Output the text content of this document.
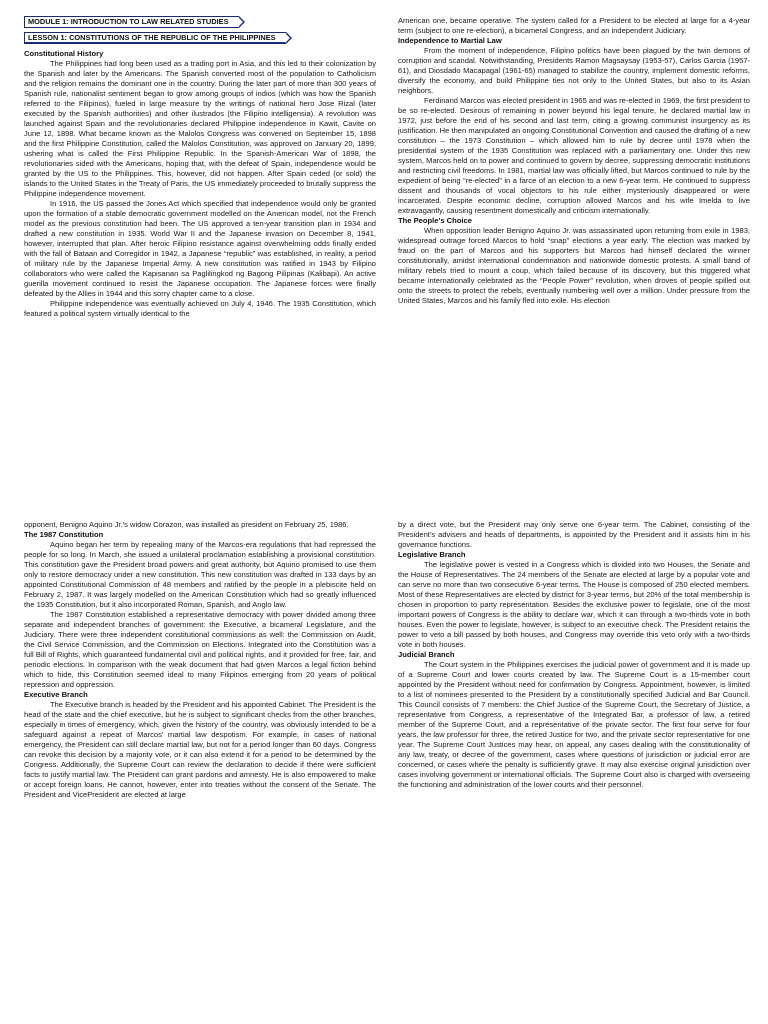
MODULE 1: INTRODUCTION TO LAW RELATED STUDIES
LESSON 1: CONSTITUTIONS OF THE REPUBLIC OF THE PHILIPPINES
Constitutional History

The Philippines had long been used as a trading port in Asia, and this led to their colonization by the Spanish and later by the Americans. The Spanish converted most of the population to Catholicism and the religion remains the dominant one in the country. During the later part of more than 300 years of Spanish rule, nationalist sentiment began to grow among groups of indios (which was how the Spanish referred to the Filipinos), fueled in large measure by the writings of national hero Jose Rizal (later executed by the Spanish authorities) and other ilustrados (the Filipino intelligensia). A revolution was launched against Spain and the revolutionaries declared Philippine independence in Kawit, Cavite on June 12, 1898. What became known as the Malolos Congress was convened on September 15, 1898 and the first Philippine Constitution, called the Malolos Constitution, was approved on January 20, 1899, ushering what is called the First Philippine Republic. In the Spanish-American War of 1898, the revolutionaries sided with the Americans, hoping that, with the defeat of Spain, independence would be granted by the US to the Philippines. This, however, did not happen. After Spain ceded (or sold) the islands to the United States in the Treaty of Paris, the US immediately proceeded to brutally suppress the Philippine independence movement.

In 1916, the US passed the Jones Act which specified that independence would only be granted upon the formation of a stable democratic government modelled on the American model, not the French model as the previous constitution had been. The US approved a ten-year transition plan in 1934 and drafted a new constitution in 1935. World War II and the Japanese invasion on December 8, 1941, however, interrupted that plan. After heroic Filipino resistance against overwhelming odds finally ended with the fall of Bataan and Corregidor in 1942, a Japanese “republic” was established, in reality, a period of military rule by the Japanese Imperial Army. A new constitution was ratified in 1943 by Filipino collaborators who were called the Kapisanan sa Paglilingkod ng Bagong Pilipinas (Kalibapi). An active guerilla movement continued to resist the Japanese occupation. The Japanese forces were finally defeated by the Allies in 1944 and this sorry chapter came to a close.

Philippine independence was eventually achieved on July 4, 1946. The 1935 Constitution, which featured a political system virtually identical to the

American one, became operative. The system called for a President to be elected at large for a 4-year term (subject to one re-election), a bicameral Congress, and an independent Judiciary.

Independence to Martial Law

From the moment of independence, Filipino politics have been plagued by the twin demons of corruption and scandal. Notwithstanding, Presidents Ramon Magsaysay (1953-57), Carlos Garcia (1957-61), and Diosdado Macapagal (1961-65) managed to stabilize the country, implement domestic reforms, diversify the economy, and build Philippine ties not only to the United States, but also to its Asian neighbors.

Ferdinand Marcos was elected president in 1965 and was re-elected in 1969, the first president to be so re-elected. Desirous of remaining in power beyond his legal tenure, he declared martial law in 1972, just before the end of his second and last term, citing a growing communist insurgency as its justification. He then manipulated an ongoing Constitutional Convention and caused the drafting of a new constitution – the 1973 Constitution – which allowed him to rule by decree until 1978 when the presidential system of the 1935 Constitution was replaced with a parliamentary one. Under this new system, Marcos held on to power and continued to govern by decree, suppressing democratic institutions and restricting civil freedoms. In 1981, martial law was officially lifted, but Marcos continued to rule by the expedient of being “re-elected” in a farce of an election to a new 6-year term. He continued to suppress dissent and thousands of vocal objectors to his rule either mysteriously disappeared or were incarcerated. Despite economic decline, corruption allowed Marcos and his wife Imelda to live extravagantly, causing resentment domestically and criticism internationally.

The People’s Choice

When opposition leader Benigno Aquino Jr. was assassinated upon returning from exile in 1983, widespread outrage forced Marcos to hold “snap” elections a year early. The election was marked by fraud on the part of Marcos and his supporters but Marcos had himself declared the winner constitutionally, amidst international condemnation and nationwide domestic protests. A small band of military rebels tried to mount a coup, which failed because of its discovery, but this triggered what became internationally celebrated as the “People Power” revolution, when droves of people spilled out onto the streets to protect the rebels, eventually numbering well over a million. Under pressure from the United States, Marcos and his family fled into exile. His election

opponent, Benigno Aquino Jr.’s widow Corazon, was installed as president on February 25, 1986.

The 1987 Constitution

Aquino began her term by repealing many of the Marcos-era regulations that had repressed the people for so long. In March, she issued a unilateral proclamation establishing a provisional constitution. This constitution gave the President broad powers and great authority, but Aquino promised to use them only to restore democracy under a new constitution. This new constitution was drafted in 133 days by an appointed Constitutional Commission of 48 members and ratified by the people in a plebiscite held on February 2, 1987. It was largely modelled on the American Constitution which had so greatly influenced the 1935 Constitution, but it also incorporated Roman, Spanish, and Anglo law.

The 1987 Constitution established a representative democracy with power divided among three separate and independent branches of government: the Executive, a bicameral Legislature, and the Judiciary. There were three independent constitutional commissions as well: the Commission on Audit, the Civil Service Commission, and the Commission on Elections. Integrated into the Constitution was a full Bill of Rights, which guaranteed fundamental civil and political rights, and it provided for free, fair, and periodic elections. In comparison with the weak document that had given Marcos a legal fiction behind which to hide, this Constitution seemed ideal to many Filipinos emerging from 20 years of political repression and oppression.

Executive Branch

The Executive branch is headed by the President and his appointed Cabinet. The President is the head of the state and the chief executive, but he is subject to significant checks from the other branches, especially in times of emergency, which, given the history of the country, was obviously intended to be a safeguard against a repeat of Marcos’ martial law despotism. For example, in cases of national emergency, the President can still declare martial law, but not for a period longer than 60 days. Congress can revoke this decision by a majority vote, or it can also extend it for a period to be determined by the Congress. Additionally, the Supreme Court can review the declaration to decide if there were sufficient facts to justify martial law. The President can grant pardons and amnesty. He is also empowered to make or accept foreign loans. He cannot, however, enter into treaties without the consent of the Senate. The President and VicePresident are elected at large

by a direct vote, but the President may only serve one 6-year term. The Cabinet, consisting of the President’s advisers and heads of departments, is appointed by the President and it assists him in his governance functions.

Legislative Branch

The legislative power is vested in a Congress which is divided into two Houses, the Senate and the House of Representatives. The 24 members of the Senate are elected at large by a popular vote and can serve no more than two consecutive 6-year terms. The House is composed of 250 elected members. Most of these Representatives are elected by district for 3-year terms, but 20% of the total membership is chosen in proportion to party representation. Besides the exclusive power to legislate, one of the most important powers of Congress is the ability to declare war, which it can through a two-thirds vote in both houses. Even the power to legislate, however, is subject to an executive check. The President retains the power to veto a bill passed by both houses, and Congress may override this veto only with a two-thirds vote in both houses.

Judicial Branch

The Court system in the Philippines exercises the judicial power of government and it is made up of a Supreme Court and lower courts created by law. The Supreme Court is a 15-member court appointed by the President without need for confirmation by Congress. Appointment, however, is limited to a list of nominees presented to the President by a constitutionally specified Judicial and Bar Council. This Council consists of 7 members: the Chief Justice of the Supreme Court, the Secretary of Justice, a representative from Congress, a representative of the Integrated Bar, a professor of law, a retired member of the Supreme Court, and a representative of the private sector. The first four serve for four years, the law professor for three, the retired Justice for two, and the private sector representative for one year. The Supreme Court Justices may hear, on appeal, any cases dealing with the constitutionality of any law, treaty, or decree of the government, cases where questions of jurisdiction or judicial error are concerned, or cases where the penalty is sufficiently grave. It may also exercise original jurisdiction over cases involving government or international officials. The Supreme Court also is charged with overseeing the functioning and administration of the lower courts and their personnel.
